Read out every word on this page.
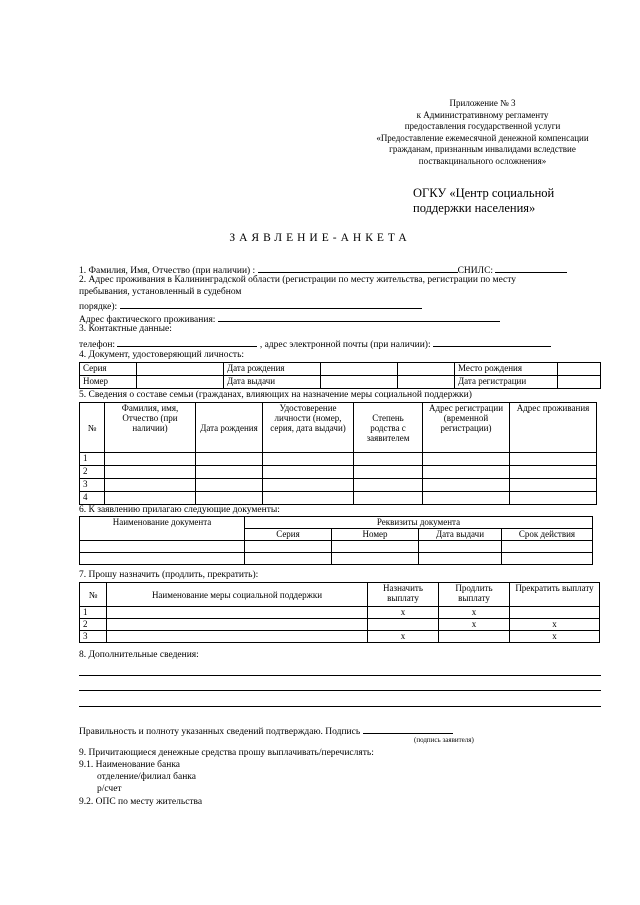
Приложение № 3
к Административному регламенту
предоставления государственной услуги
«Предоставление ежемесячной денежной компенсации
гражданам, признанным инвалидами вследствие
поствакцинального осложнения»
ОГКУ «Центр социальной
поддержки населения»
ЗАЯВЛЕНИЕ-АНКЕТА
1. Фамилия, Имя, Отчество (при наличии) :	СНИЛС:
2. Адрес проживания в Калининградской области (регистрации по месту жительства, регистрации по месту
пребывания, установленный в судебном
порядке):
Адрес фактического проживания:
3. Контактные данные:
телефон:	, адрес электронной почты (при наличии):
4. Документ, удостоверяющий личность:
Серия		Дата рождения			Место рождения	
Номер		Дата выдачи			Дата регистрации	
5. Сведения о составе семьи (гражданах, влияющих на назначение меры социальной поддержки)
№	Фамилия, имя, Отчество (при наличии)	Дата рождения	Удостоверение личности (номер, серия, дата выдачи)	Степень родства с заявителем	Адрес регистрации (временной регистрации)	Адрес проживания
1						
2						
3						
4						
6. К заявлению прилагаю следующие документы:
Наименование документа	Реквизиты документа			
	Серия	Номер	Дата выдачи	Срок действия

7. Прошу назначить (продлить, прекратить):
№	Наименование меры социальной поддержки	Назначить выплату	Продлить выплату	Прекратить выплату
1		x	x	
2			x	x
3		x		x
8. Дополнительные сведения:
Правильность и полноту указанных сведений подтверждаю. Подпись
(подпись заявителя)
9. Причитающиеся денежные средства прошу выплачивать/перечислять:
9.1. Наименование банка
отделение/филиал банка
р/счет
9.2. ОПС по месту жительства
